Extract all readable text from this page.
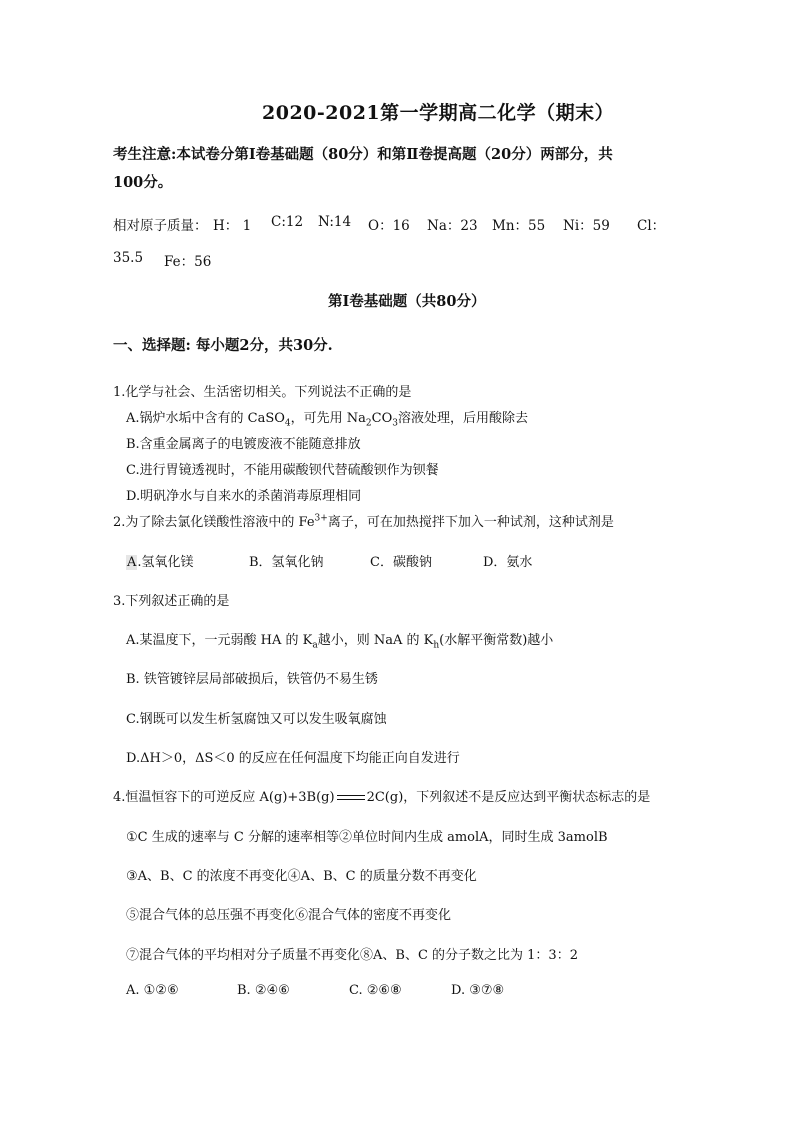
2020-2021第一学期高二化学（期末）
考生注意:本试卷分第Ⅰ卷基础题（80分）和第Ⅱ卷提高题（20分）两部分，共
100分。
相对原子质量： H： 1 C:12 N:14 O：16 Na：23 Mn：55 Ni：59 Cl：
35.5 Fe：56
第Ⅰ卷基础题（共80分）
一、选择题: 每小题2分，共30分.
1.化学与社会、生活密切相关。下列说法不正确的是
A.锅炉水垢中含有的 CaSO$_4$，可先用 $Na_2CO_3$溶液处理，后用酸除去
B.含重金属离子的电镀废液不能随意排放
C.进行胃镜透视时，不能用碳酸钡代替硫酸钡作为钡餐
D.明矾净水与自来水的杀菌消毒原理相同
2.为了除去氯化镁酸性溶液中的 $Fe^{3+}$离子，可在加热搅拌下加入一种试剂，这种试剂是
A.氢氧化镁	B．氢氧化钠	C．碳酸钠	D．氨水
3.下列叙述正确的是
A.某温度下，一元弱酸 HA 的 $K_a$越小，则 NaA 的 $K_h$(水解平衡常数)越小
B. 铁管镀锌层局部破损后，铁管仍不易生锈
C.钢既可以发生析氢腐蚀又可以发生吸氧腐蚀
D.ΔH＞0，ΔS＜0 的反应在任何温度下均能正向自发进行
4.恒温恒容下的可逆反应 A(g)+3B(g) 2C(g)，下列叙述不是反应达到平衡状态标志的是
①C 生成的速率与 C 分解的速率相等②单位时间内生成 amolA，同时生成 3amolB
③A、B、C 的浓度不再变化④A、B、C 的质量分数不再变化
⑤混合气体的总压强不再变化⑥混合气体的密度不再变化
⑦混合气体的平均相对分子质量不再变化⑧A、B、C 的分子数之比为 1：3：2
A. ①②⑥	B. ②④⑥	C. ②⑥⑧	D. ③⑦⑧
